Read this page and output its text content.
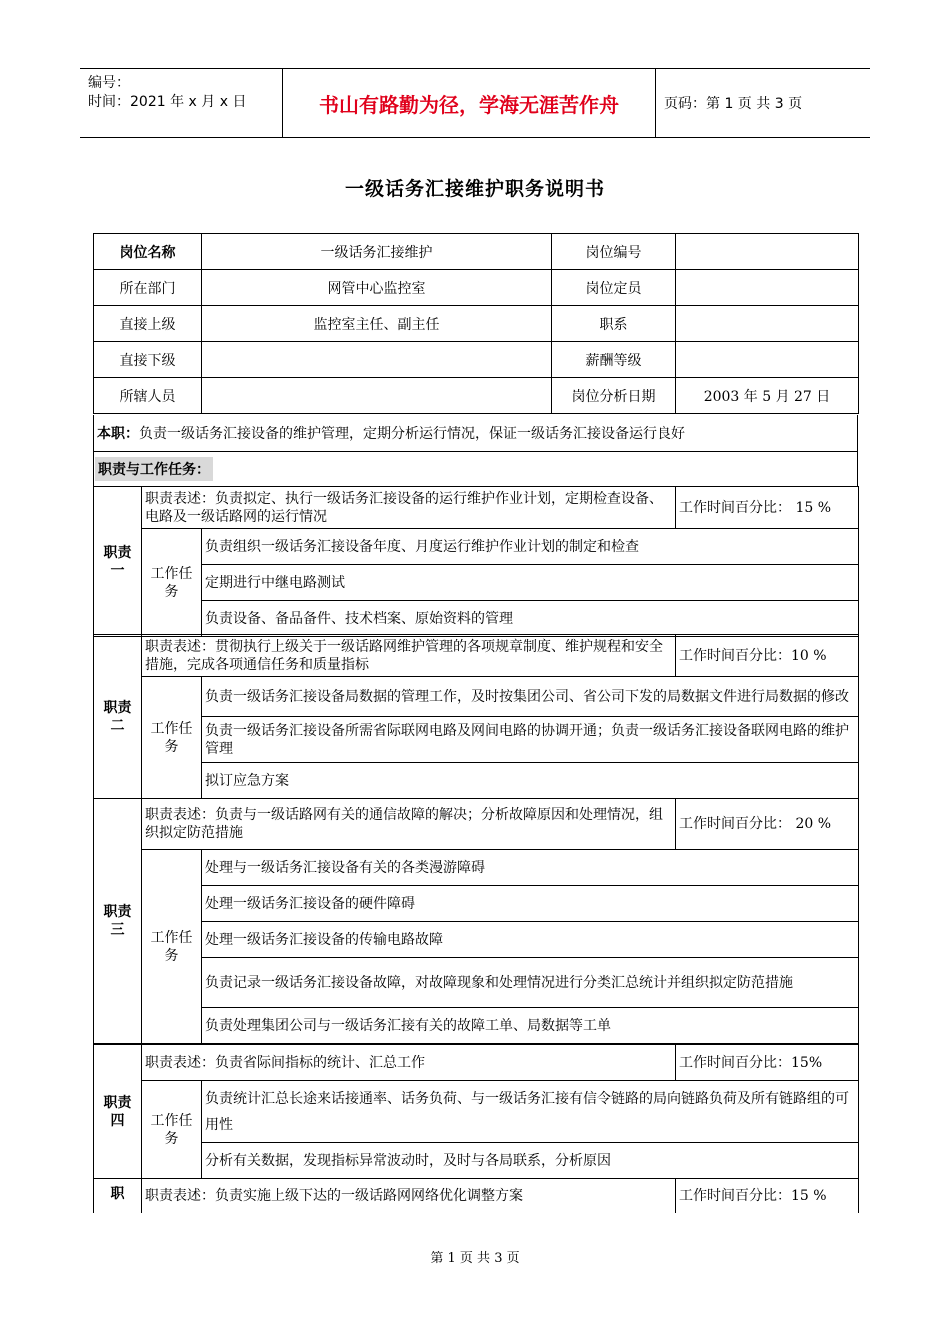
编号：
时间：2021 年 x 月 x 日	书山有路勤为径，学海无涯苦作舟	页码：第 1 页 共 3 页
一级话务汇接维护职务说明书
岗位名称	一级话务汇接维护	岗位编号	
所在部门	网管中心监控室	岗位定员	
直接上级	监控室主任、副主任	职系	
直接下级		薪酬等级	
所辖人员		岗位分析日期	2003 年 5 月 27 日
本职： 负责一级话务汇接设备的维护管理，定期分析运行情况，保证一级话务汇接设备运行良好
职责与工作任务：
职责一	职责表述：负责拟定、执行一级话务汇接设备的运行维护作业计划，定期检查设备、电路及一级话路网的运行情况		工作时间百分比： 15 %
	工作任务	负责组织一级话务汇接设备年度、月度运行维护作业计划的制定和检查	
		定期进行中继电路测试	
		负责设备、备品备件、技术档案、原始资料的管理	
职责二	职责表述：贯彻执行上级关于一级话路网维护管理的各项规章制度、维护规程和安全措施，完成各项通信任务和质量指标		工作时间百分比：10 %
	工作任务	负责一级话务汇接设备局数据的管理工作，及时按集团公司、省公司下发的局数据文件进行局数据的修改	
		负责一级话务汇接设备所需省际联网电路及网间电路的协调开通；负责一级话务汇接设备联网电路的维护管理	
		拟订应急方案	
职责三	职责表述：负责与一级话路网有关的通信故障的解决；分析故障原因和处理情况，组织拟定防范措施		工作时间百分比： 20 %
	工作任务	处理与一级话务汇接设备有关的各类漫游障碍	
		处理一级话务汇接设备的硬件障碍	
		处理一级话务汇接设备的传输电路故障	
		负责记录一级话务汇接设备故障，对故障现象和处理情况进行分类汇总统计并组织拟定防范措施	
		负责处理集团公司与一级话务汇接有关的故障工单、局数据等工单	
职责四	职责表述：负责省际间指标的统计、汇总工作		工作时间百分比：15%
	工作任务	负责统计汇总长途来话接通率、话务负荷、与一级话务汇接有信令链路的局向链路负荷及所有链路组的可用性	
		分析有关数据，发现指标异常波动时，及时与各局联系，分析原因	
职	职责表述：负责实施上级下达的一级话路网网络优化调整方案	工作时间百分比：15 %
第 1 页 共 3 页
